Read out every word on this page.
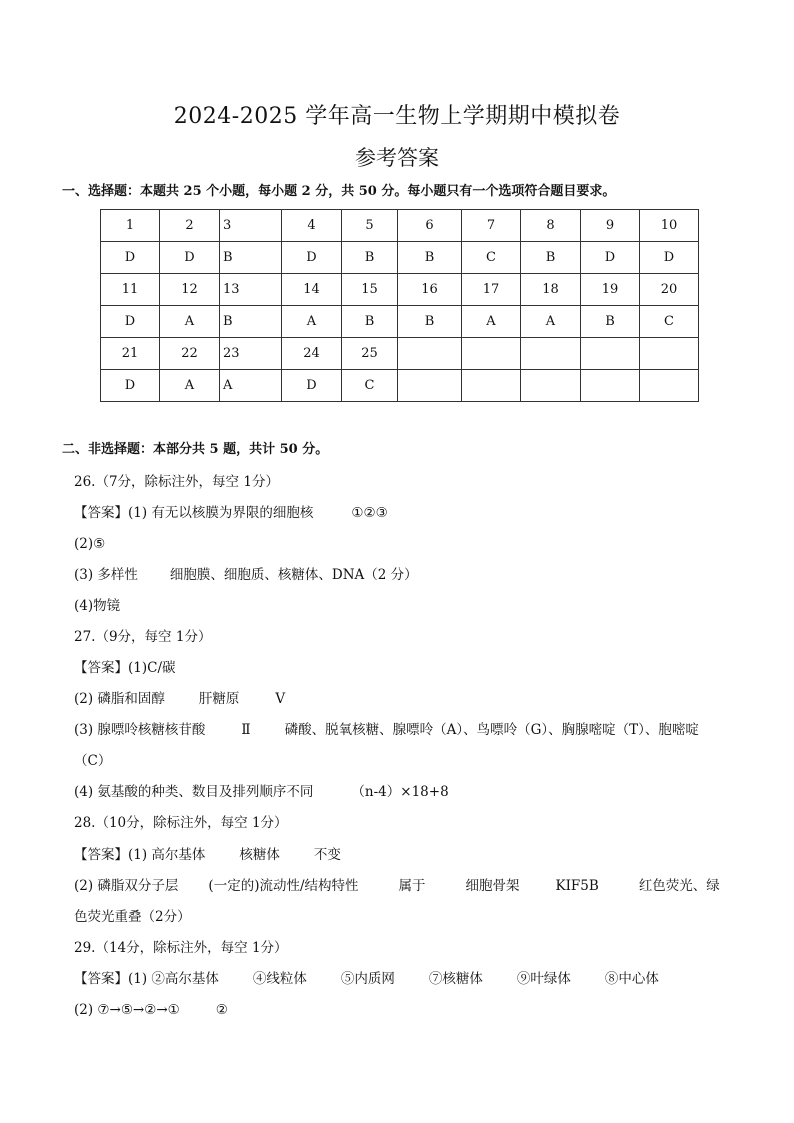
2024-2025 学年高一生物上学期期中模拟卷
参考答案
一、选择题：本题共 25 个小题，每小题 2 分，共 50 分。每小题只有一个选项符合题目要求。
1	2	3	4	5	6	7	8	9	10
D	D	B	D	B	B	C	B	D	D
11	12	13	14	15	16	17	18	19	20
D	A	B	A	B	B	A	A	B	C
21	22	23	24	25					
D	A	A	D	C					
二、非选择题：本部分共 5 题，共计 50 分。
26.（7分，除标注外，每空 1分）
【答案】(1) 有无以核膜为界限的细胞核	①②③
(2)⑤
(3) 多样性 细胞膜、细胞质、核糖体、DNA（2 分）
(4)物镜
27.（9分，每空 1分）
【答案】(1)C/碳
(2) 磷脂和固醇	肝糖原	V
(3) 腺嘌呤核糖核苷酸	Ⅱ	磷酸、脱氧核糖、腺嘌呤（A）、鸟嘌呤（G）、胸腺嘧啶（T）、胞嘧啶
（C）
(4) 氨基酸的种类、数目及排列顺序不同	（n-4）×18+8
28.（10分，除标注外，每空 1分）
【答案】(1) 高尔基体	核糖体	不变
(2) 磷脂双分子层 (一定的)流动性/结构特性	属于	细胞骨架	KIF5B	红色荧光、绿
色荧光重叠（2分）
29.（14分，除标注外，每空 1分）
【答案】(1) ②高尔基体	④线粒体	⑤内质网	⑦核糖体	⑨叶绿体	⑧中心体
(2) ⑦→⑤→②→①	②
